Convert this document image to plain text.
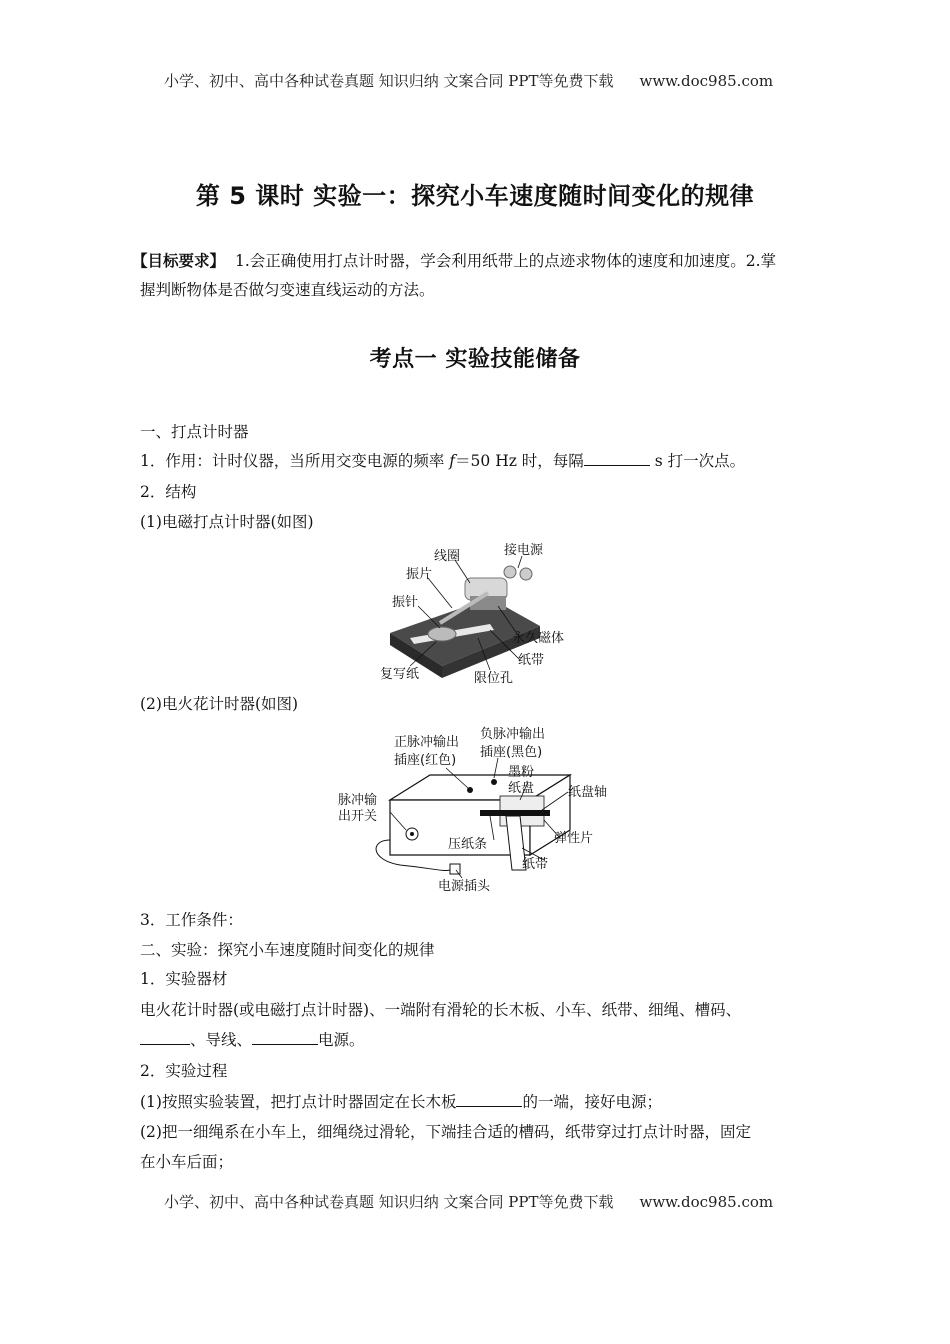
小学、初中、高中各种试卷真题 知识归纳 文案合同 PPT等免费下载 www.doc985.com
第 5 课时 实验一：探究小车速度随时间变化的规律
【目标要求】 1.会正确使用打点计时器，学会利用纸带上的点迹求物体的速度和加速度。2.掌
握判断物体是否做匀变速直线运动的方法。
考点一 实验技能储备
一、打点计时器
1．作用：计时仪器，当所用交变电源的频率 f＝50 Hz 时，每隔	s 打一次点。
2．结构
(1)电磁打点计时器(如图)
线圈	接电源
振片
振针
永久磁体
纸带
复写纸	限位孔
(2)电火花计时器(如图)
正脉冲输出
插座(红色)
负脉冲输出
插座(黑色)
墨粉
纸盘	纸盘轴
脉冲输
出开关
弹性片
压纸条
纸带
电源插头
3．工作条件：
二、实验：探究小车速度随时间变化的规律
1．实验器材
电火花计时器(或电磁打点计时器)、一端附有滑轮的长木板、小车、纸带、细绳、槽码、
、导线、	电源。
2．实验过程
(1)按照实验装置，把打点计时器固定在长木板	的一端，接好电源；
(2)把一细绳系在小车上，细绳绕过滑轮，下端挂合适的槽码，纸带穿过打点计时器，固定
在小车后面；
小学、初中、高中各种试卷真题 知识归纳 文案合同 PPT等免费下载 www.doc985.com
